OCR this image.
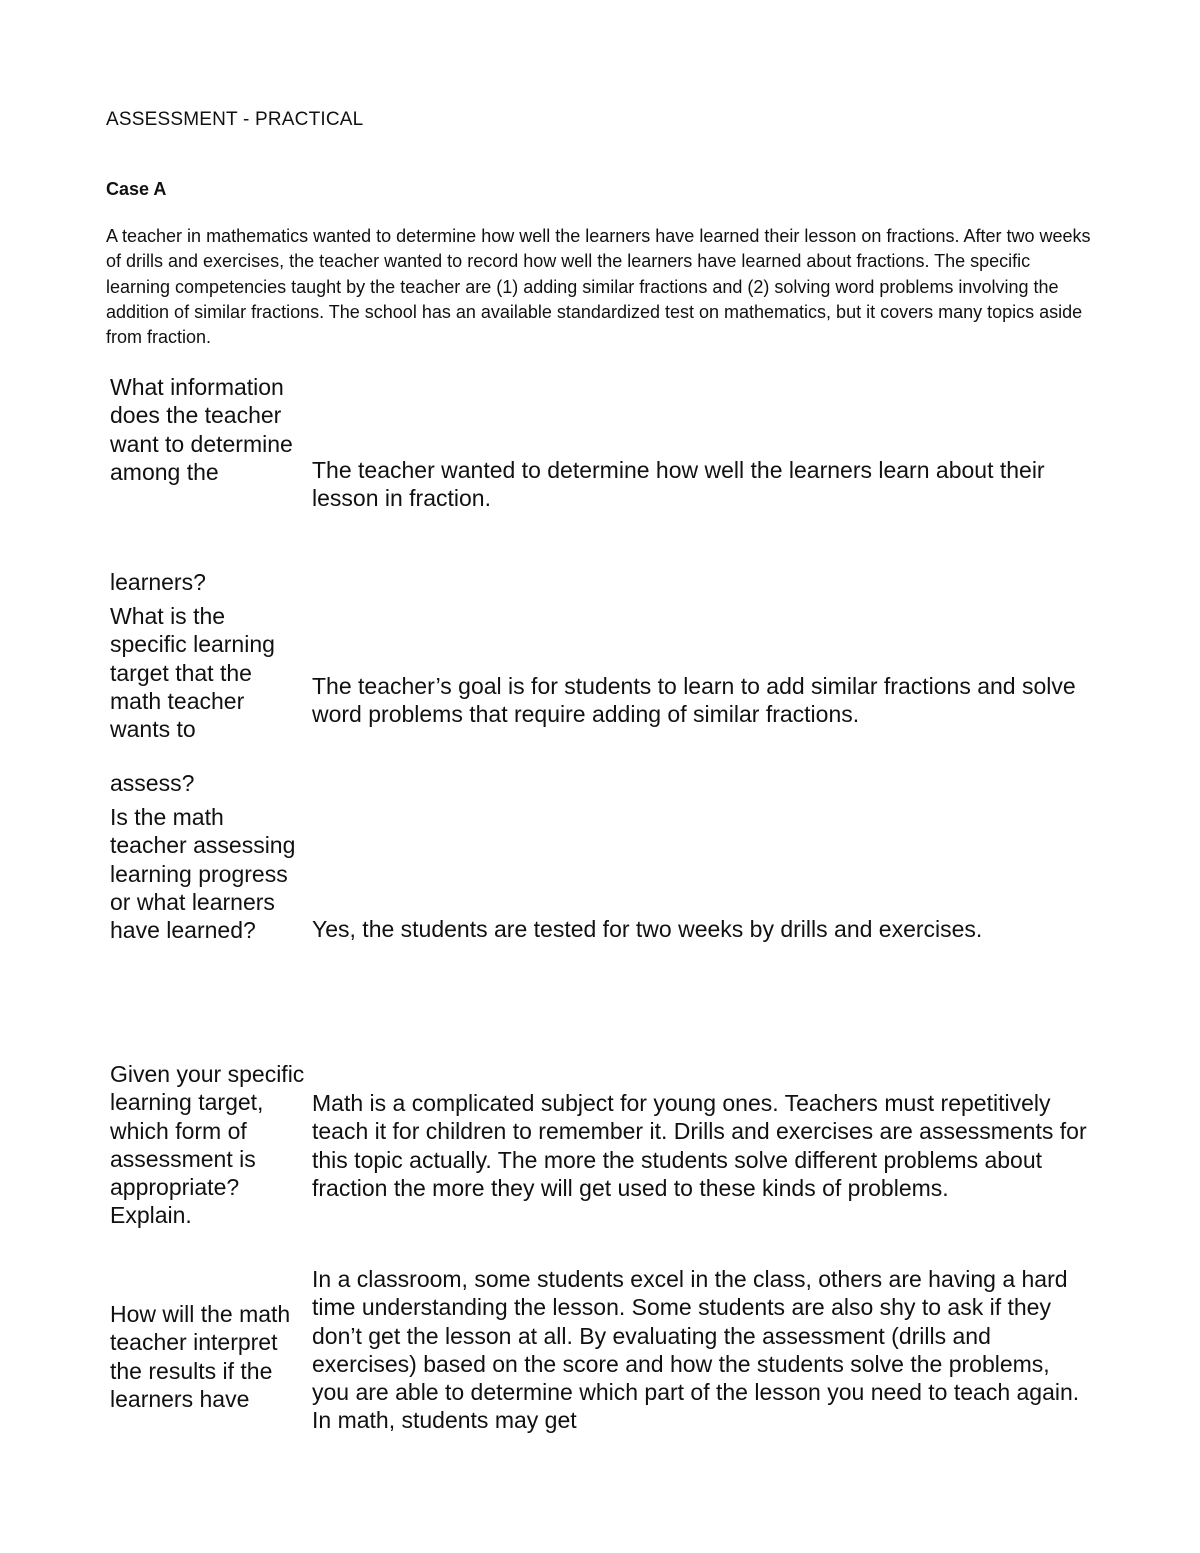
ASSESSMENT - PRACTICAL
Case A

A teacher in mathematics wanted to determine how well the learners have learned their lesson on fractions. After two weeks of drills and exercises, the teacher wanted to record how well the learners have learned about fractions. The specific learning competencies taught by the teacher are (1) adding similar fractions and (2) solving word problems involving the addition of similar fractions. The school has an available standardized test on mathematics, but it covers many topics aside from fraction.

What information does the teacher want to determine among the	The teacher wanted to determine how well the learners learn about their lesson in fraction.

learners?

What is the specific learning target that the math teacher wants to

The teacher’s goal is for students to learn to add similar fractions and solve word problems that require adding of similar fractions.

assess?

Is the math teacher assessing learning progress or what learners have learned?	Yes, the students are tested for two weeks by drills and exercises.

Given your specific learning target, which form of assessment is appropriate? Explain.

Math is a complicated subject for young ones. Teachers must repetitively teach it for children to remember it. Drills and exercises are assessments for this topic actually. The more the students solve different problems about fraction the more they will get used to these kinds of problems.

How will the math teacher interpret the results if the learners have

In a classroom, some students excel in the class, others are having a hard time understanding the lesson. Some students are also shy to ask if they don’t get the lesson at all. By evaluating the assessment (drills and exercises) based on the score and how the students solve the problems, you are able to determine which part of the lesson you need to teach again. In math, students may get
